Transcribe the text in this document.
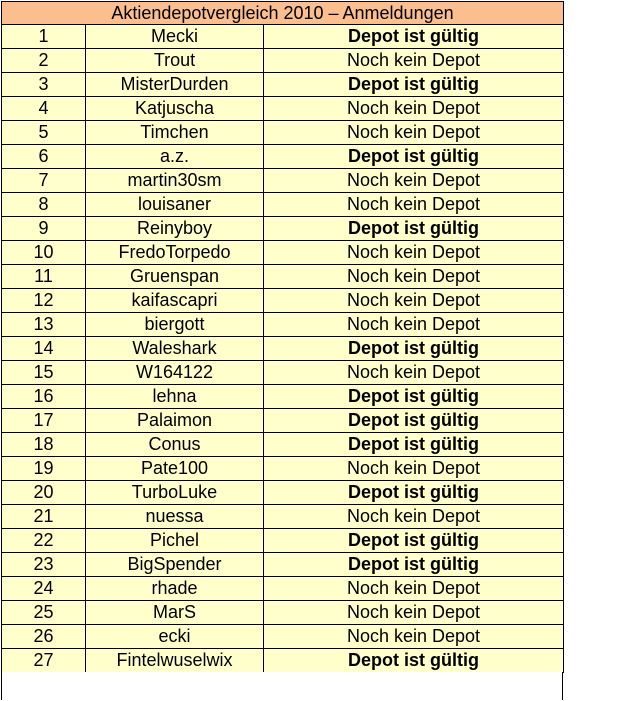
Aktiendepotvergleich 2010 – Anmeldungen		
1	Mecki	Depot ist gültig
2	Trout	Noch kein Depot
3	MisterDurden	Depot ist gültig
4	Katjuscha	Noch kein Depot
5	Timchen	Noch kein Depot
6	a.z.	Depot ist gültig
7	martin30sm	Noch kein Depot
8	louisaner	Noch kein Depot
9	Reinyboy	Depot ist gültig
10	FredoTorpedo	Noch kein Depot
11	Gruenspan	Noch kein Depot
12	kaifascapri	Noch kein Depot
13	biergott	Noch kein Depot
14	Waleshark	Depot ist gültig
15	W164122	Noch kein Depot
16	lehna	Depot ist gültig
17	Palaimon	Depot ist gültig
18	Conus	Depot ist gültig
19	Pate100	Noch kein Depot
20	TurboLuke	Depot ist gültig
21	nuessa	Noch kein Depot
22	Pichel	Depot ist gültig
23	BigSpender	Depot ist gültig
24	rhade	Noch kein Depot
25	MarS	Noch kein Depot
26	ecki	Noch kein Depot
27	Fintelwuselwix	Depot ist gültig
